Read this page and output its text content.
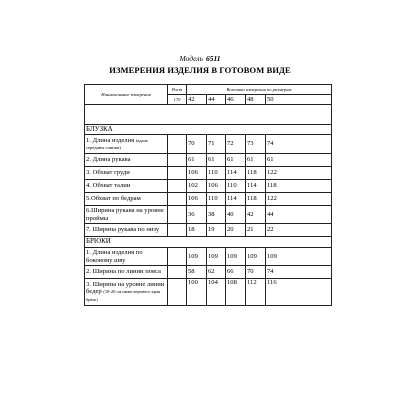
Модель 6511
ИЗМЕРЕНИЯ ИЗДЕЛИЯ В ГОТОВОМ ВИДЕ
Наименование измерения	Рост	Величина измерения по размерам				
	170	42	44	46	48	50

БЛУЗКА						
1. Длина изделия (вдоль середины спинки)		70	71	72	73	74
2. Длина рукава		61	61	61	61	61
3. Обхват груди		106	110	114	118	122
4. Обхват талии		102	106	110	114	118
5.Обхват по бедрам		106	110	114	118	122
6.Ширина рукава на уровне проймы		36	38	40	42	44
7. Ширина рукава по низу		18	19	20	21	22
БРЮКИ						
1. Длина изделия по боковому шву		109	109	109	109	109
2. Ширина по линии пояса		58	62	66	70	74
3. Ширина на уровне линии бедер (18-20 см ниже верхнего края брюк)		100	104	108	112	116
